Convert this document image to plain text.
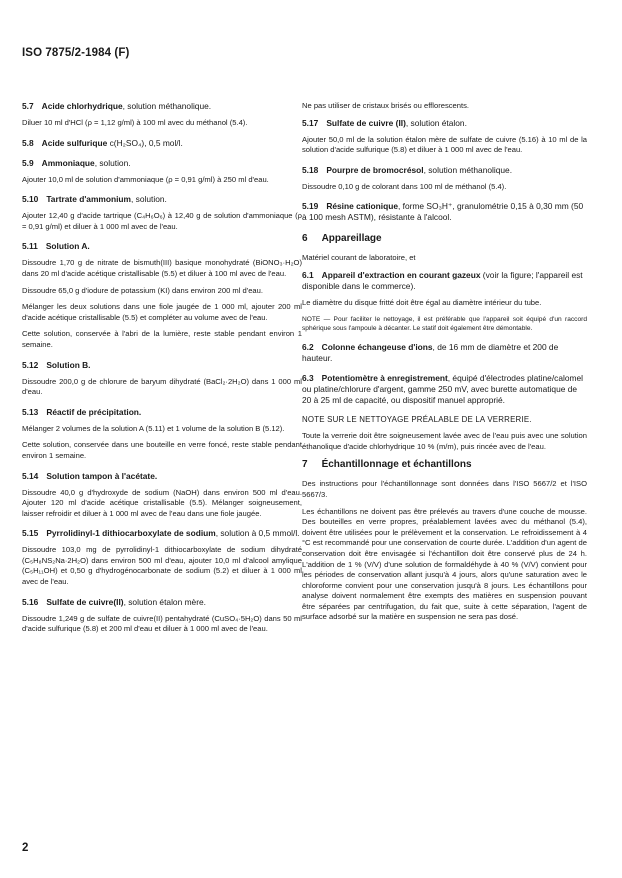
ISO 7875/2-1984 (F)
5.7 Acide chlorhydrique, solution méthanolique.

Diluer 10 ml d'HCl (ρ = 1,12 g/ml) à 100 ml avec du méthanol (5.4).

5.8 Acide sulfurique c(H₂SO₄), 0,5 mol/l.
5.9 Ammoniaque, solution.

Ajouter 10,0 ml de solution d'ammoniaque (ρ = 0,91 g/ml) à 250 ml d'eau.

5.10 Tartrate d'ammonium, solution.

Ajouter 12,40 g d'acide tartrique (C₄H₆O₆) à 12,40 g de solution d'ammoniaque (ρ = 0,91 g/ml) et diluer à 1 000 ml avec de l'eau.

5.11 Solution A.

Dissoudre 1,70 g de nitrate de bismuth(III) basique monohydraté (BiONO₃·H₂O) dans 20 ml d'acide acétique cristallisable (5.5) et diluer à 100 ml avec de l'eau.

Dissoudre 65,0 g d'iodure de potassium (KI) dans environ 200 ml d'eau.

Mélanger les deux solutions dans une fiole jaugée de 1 000 ml, ajouter 200 ml d'acide acétique cristallisable (5.5) et compléter au volume avec de l'eau.

Cette solution, conservée à l'abri de la lumière, reste stable pendant environ 1 semaine.

5.12 Solution B.

Dissoudre 200,0 g de chlorure de baryum dihydraté (BaCl₂·2H₂O) dans 1 000 ml d'eau.

5.13 Réactif de précipitation.

Mélanger 2 volumes de la solution A (5.11) et 1 volume de la solution B (5.12).

Cette solution, conservée dans une bouteille en verre foncé, reste stable pendant environ 1 semaine.

5.14 Solution tampon à l'acétate.

Dissoudre 40,0 g d'hydroxyde de sodium (NaOH) dans environ 500 ml d'eau. Ajouter 120 ml d'acide acétique cristallisable (5.5). Mélanger soigneusement, laisser refroidir et diluer à 1 000 ml avec de l'eau dans une fiole jaugée.

5.15 Pyrrolidinyl-1 dithiocarboxylate de sodium, solution à 0,5 mmol/l.

Dissoudre 103,0 mg de pyrrolidinyl-1 dithiocarboxylate de sodium dihydraté (C₅H₈NS₂Na·2H₂O) dans environ 500 ml d'eau, ajouter 10,0 ml d'alcool amylique (C₅H₁₁OH) et 0,50 g d'hydrogénocarbonate de sodium (5.2) et diluer à 1 000 ml avec de l'eau.

5.16 Sulfate de cuivre(II), solution étalon mère.

Dissoudre 1,249 g de sulfate de cuivre(II) pentahydraté (CuSO₄·5H₂O) dans 50 ml d'acide sulfurique (5.8) et 200 ml d'eau et diluer à 1 000 ml avec de l'eau.

Ne pas utiliser de cristaux brisés ou efflorescents.

5.17 Sulfate de cuivre (II), solution étalon.

Ajouter 50,0 ml de la solution étalon mère de sulfate de cuivre (5.16) à 10 ml de la solution d'acide sulfurique (5.8) et diluer à 1 000 ml avec de l'eau.

5.18 Pourpre de bromocrésol, solution méthanolique.

Dissoudre 0,10 g de colorant dans 100 ml de méthanol (5.4).

5.19 Résine cationique, forme SO₃H⁺, granulométrie 0,15 à 0,30 mm (50 à 100 mesh ASTM), résistante à l'alcool.
6 Appareillage

Matériel courant de laboratoire, et

6.1 Appareil d'extraction en courant gazeux (voir la figure; l'appareil est disponible dans le commerce).

Le diamètre du disque fritté doit être égal au diamètre intérieur du tube.

NOTE — Pour faciliter le nettoyage, il est préférable que l'appareil soit équipé d'un raccord sphérique sous l'ampoule à décanter. Le statif doit également être démontable.

6.2 Colonne échangeuse d'ions, de 16 mm de diamètre et 200 de hauteur.
6.3 Potentiomètre à enregistrement, équipé d'électrodes platine/calomel ou platine/chlorure d'argent, gamme 250 mV, avec burette automatique de 20 à 25 ml de capacité, ou dispositif manuel approprié.

NOTE SUR LE NETTOYAGE PRÉALABLE DE LA VERRERIE.

Toute la verrerie doit être soigneusement lavée avec de l'eau puis avec une solution éthanolique d'acide chlorhydrique 10 % (m/m), puis rincée avec de l'eau.

7 Échantillonnage et échantillons

Des instructions pour l'échantillonnage sont données dans l'ISO 5667/2 et l'ISO 5667/3.

Les échantillons ne doivent pas être prélevés au travers d'une couche de mousse. Des bouteilles en verre propres, préalablement lavées avec du méthanol (5.4), doivent être utilisées pour le prélèvement et la conservation. Le refroidissement à 4 °C est recommandé pour une conservation de courte durée. L'addition d'un agent de conservation doit être envisagée si l'échantillon doit être conservé plus de 24 h. L'addition de 1 % (V/V) d'une solution de formaldéhyde à 40 % (V/V) convient pour les périodes de conservation allant jusqu'à 4 jours, alors qu'une saturation avec le chloroforme convient pour une conservation jusqu'à 8 jours. Les échantillons pour analyse doivent normalement être exempts des matières en suspension pouvant être séparées par centrifugation, du fait que, suite à cette séparation, l'agent de surface adsorbé sur la matière en suspension ne sera pas dosé.

2
